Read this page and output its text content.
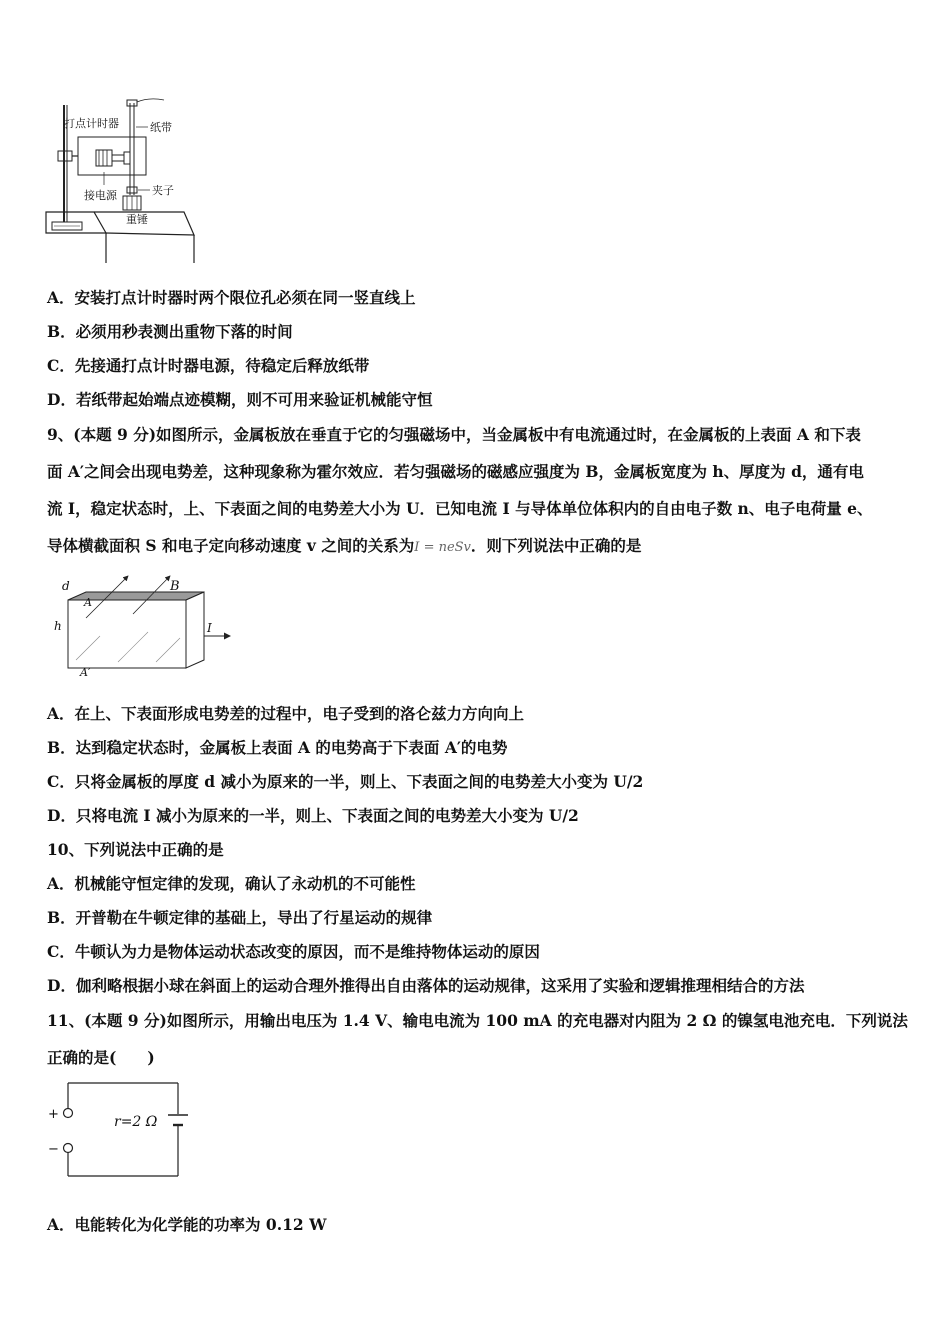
打点计时器	纸带
接电源	夹子
重锤
A．安装打点计时器时两个限位孔必须在同一竖直线上
B．必须用秒表测出重物下落的时间
C．先接通打点计时器电源，待稳定后释放纸带
D．若纸带起始端点迹模糊，则不可用来验证机械能守恒
9、(本题 9 分)如图所示，金属板放在垂直于它的匀强磁场中，当金属板中有电流通过时，在金属板的上表面 A 和下表
面 A′之间会出现电势差，这种现象称为霍尔效应．若匀强磁场的磁感应强度为 B，金属板宽度为 h、厚度为 d，通有电
流 I，稳定状态时，上、下表面之间的电势差大小为 U．已知电流 I 与导体单位体积内的自由电子数 n、电子电荷量 e、
导体横截面积 S 和电子定向移动速度 v 之间的关系为I = neSv．则下列说法中正确的是
d	B
A
h	I
A′
A．在上、下表面形成电势差的过程中，电子受到的洛仑兹力方向向上
B．达到稳定状态时，金属板上表面 A 的电势高于下表面 A′的电势
C．只将金属板的厚度 d 减小为原来的一半，则上、下表面之间的电势差大小变为 U/2
D．只将电流 I 减小为原来的一半，则上、下表面之间的电势差大小变为 U/2
10、下列说法中正确的是
A．机械能守恒定律的发现，确认了永动机的不可能性
B．开普勒在牛顿定律的基础上，导出了行星运动的规律
C．牛顿认为力是物体运动状态改变的原因，而不是维持物体运动的原因
D．伽利略根据小球在斜面上的运动合理外推得出自由落体的运动规律，这采用了实验和逻辑推理相结合的方法
11、(本题 9 分)如图所示，用输出电压为 1.4 V、输电电流为 100 mA 的充电器对内阻为 2 Ω 的镍氢电池充电．下列说法
正确的是(　　)
+
−
r=2 Ω
A．电能转化为化学能的功率为 0.12 W
